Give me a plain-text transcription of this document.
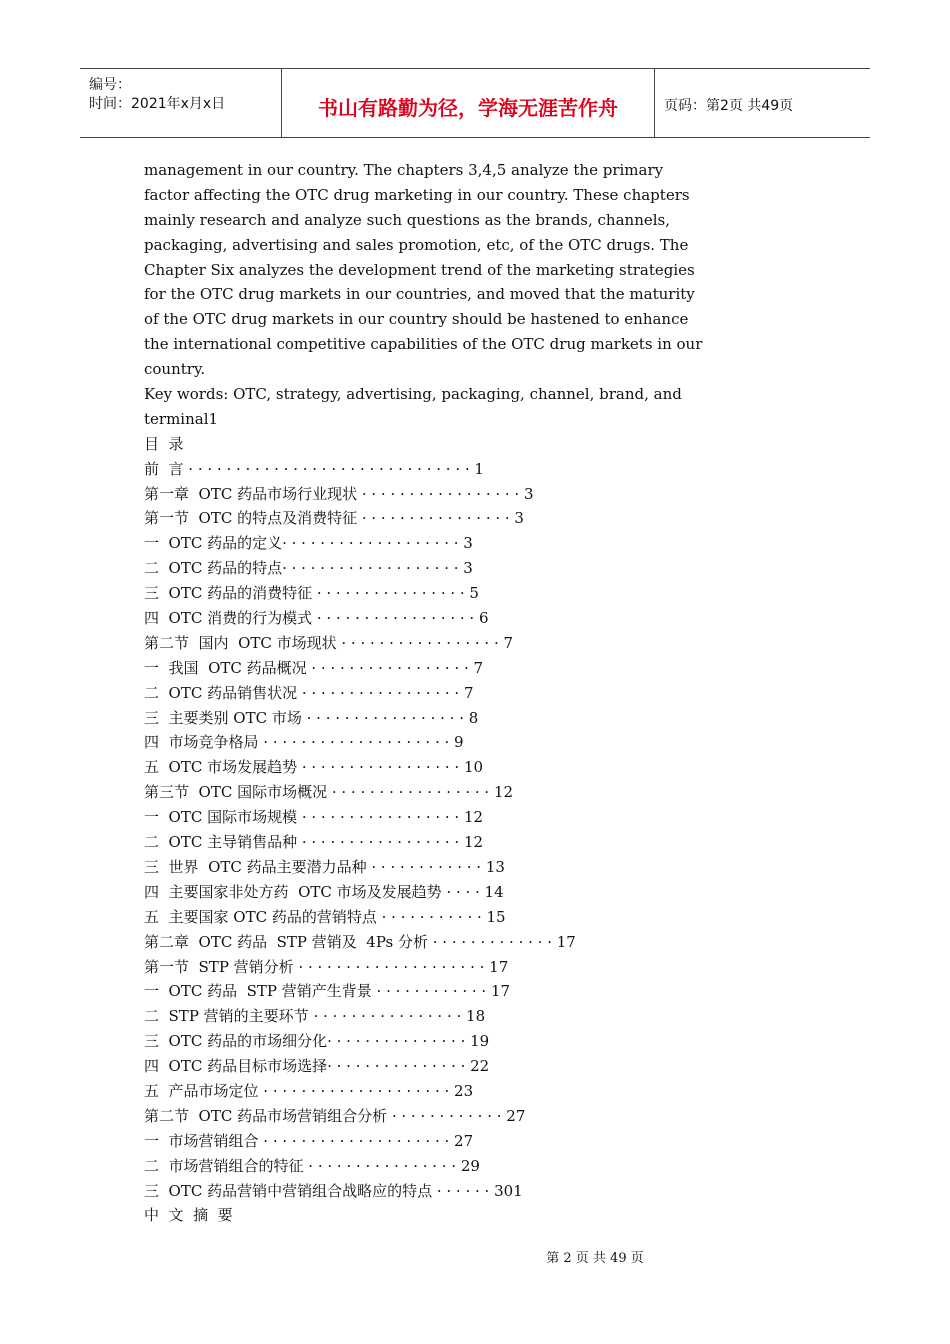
编号：
时间：2021年x月x日	书山有路勤为径，学海无涯苦作舟	页码：第2页 共49页
management in our country. The chapters 3,4,5 analyze the primary
factor affecting the OTC drug marketing in our country. These chapters
mainly research and analyze such questions as the brands, channels,
packaging, advertising and sales promotion, etc, of the OTC drugs. The
Chapter Six analyzes the development trend of the marketing strategies
for the OTC drug markets in our countries, and moved that the maturity
of the OTC drug markets in our country should be hastened to enhance
the international competitive capabilities of the OTC drug markets in our
country.
Key words: OTC, strategy, advertising, packaging, channel, brand, and
terminal1
目  录
前  言 · · · · · · · · · · · · · · · · · · · · · · · · · · · · · · 1
第一章  OTC 药品市场行业现状 · · · · · · · · · · · · · · · · · 3
第一节  OTC 的特点及消费特征 · · · · · · · · · · · · · · · · 3
一  OTC 药品的定义· · · · · · · · · · · · · · · · · · · 3
二  OTC 药品的特点· · · · · · · · · · · · · · · · · · · 3
三  OTC 药品的消费特征 · · · · · · · · · · · · · · · · 5
四  OTC 消费的行为模式 · · · · · · · · · · · · · · · · · 6
第二节  国内  OTC 市场现状 · · · · · · · · · · · · · · · · · 7
一  我国  OTC 药品概况 · · · · · · · · · · · · · · · · · 7
二  OTC 药品销售状况 · · · · · · · · · · · · · · · · · 7
三  主要类别 OTC 市场 · · · · · · · · · · · · · · · · · 8
四  市场竞争格局 · · · · · · · · · · · · · · · · · · · · 9
五  OTC 市场发展趋势 · · · · · · · · · · · · · · · · · 10
第三节  OTC 国际市场概况 · · · · · · · · · · · · · · · · · 12
一  OTC 国际市场规模 · · · · · · · · · · · · · · · · · 12
二  OTC 主导销售品种 · · · · · · · · · · · · · · · · · 12
三  世界  OTC 药品主要潜力品种 · · · · · · · · · · · · 13
四  主要国家非处方药  OTC 市场及发展趋势 · · · · 14
五  主要国家 OTC 药品的营销特点 · · · · · · · · · · · 15
第二章  OTC 药品  STP 营销及  4Ps 分析 · · · · · · · · · · · · · 17
第一节  STP 营销分析 · · · · · · · · · · · · · · · · · · · · 17
一  OTC 药品  STP 营销产生背景 · · · · · · · · · · · · 17
二  STP 营销的主要环节 · · · · · · · · · · · · · · · · 18
三  OTC 药品的市场细分化· · · · · · · · · · · · · · · 19
四  OTC 药品目标市场选择· · · · · · · · · · · · · · · 22
五  产品市场定位 · · · · · · · · · · · · · · · · · · · · 23
第二节  OTC 药品市场营销组合分析 · · · · · · · · · · · · 27
一  市场营销组合 · · · · · · · · · · · · · · · · · · · · 27
二  市场营销组合的特征 · · · · · · · · · · · · · · · · 29
三  OTC 药品营销中营销组合战略应的特点 · · · · · · 301
中  文  摘  要
第 2 页 共 49 页
